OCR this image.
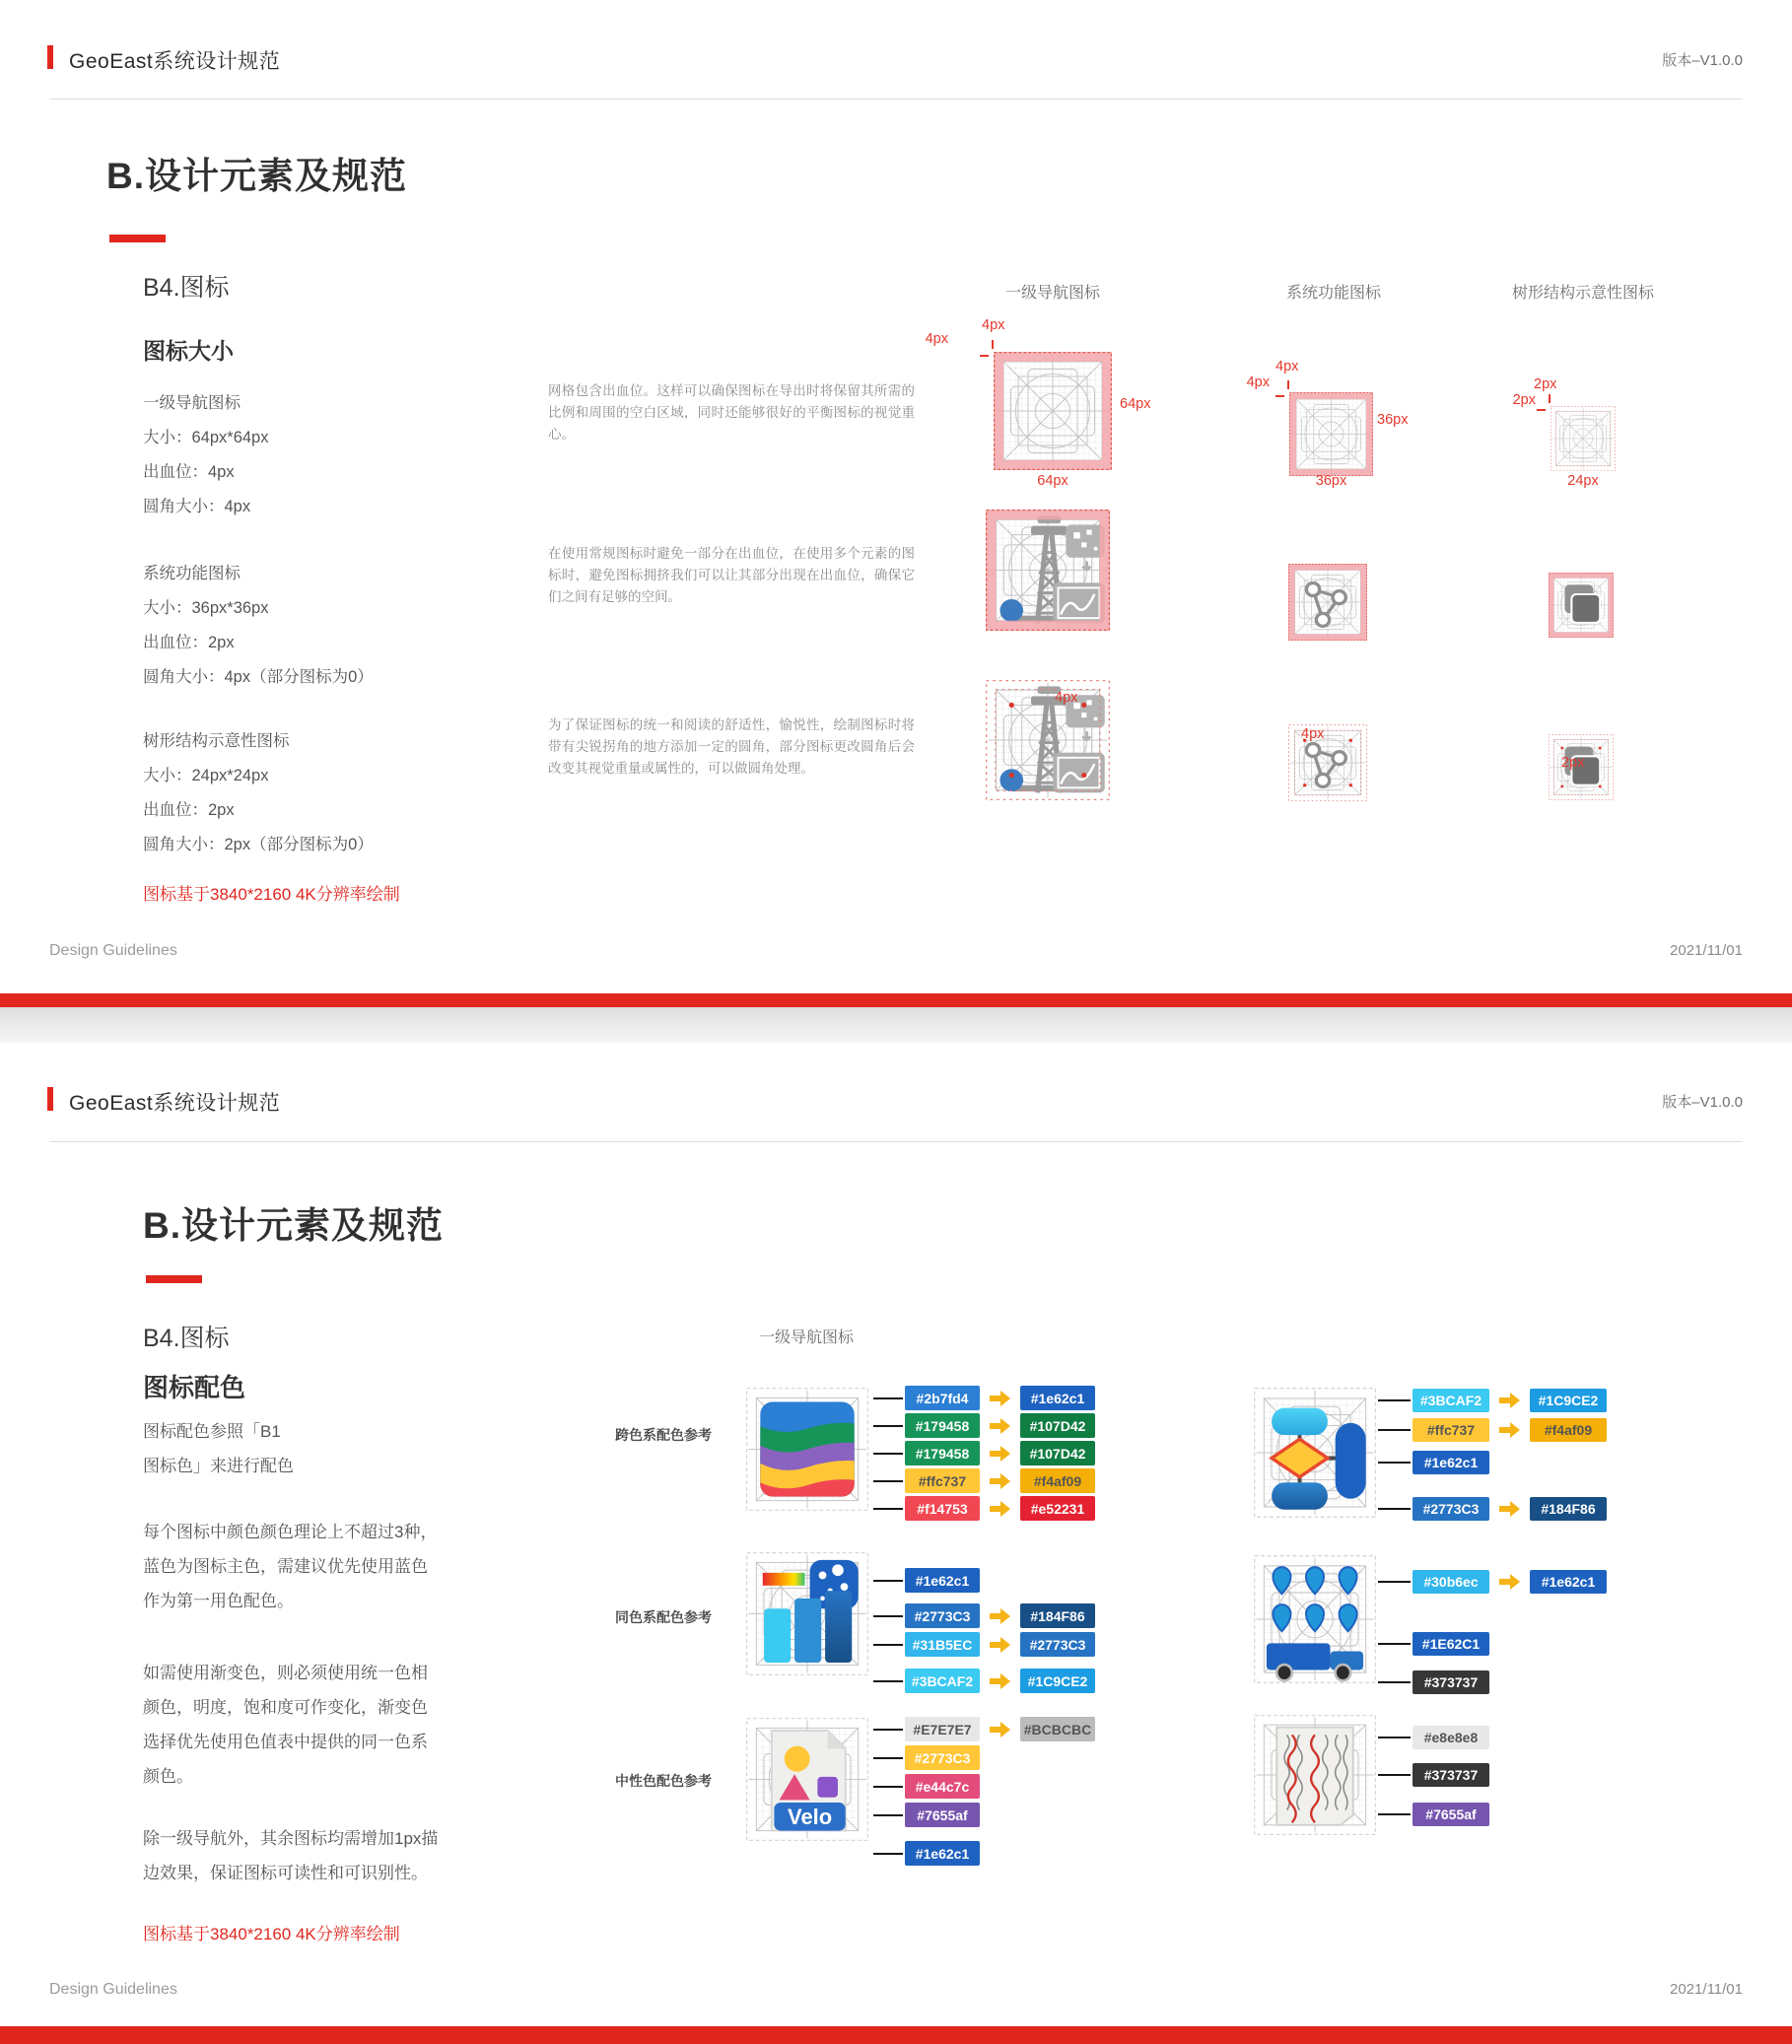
GeoEast系统设计规范	版本–V1.0.0
B.设计元素及规范
B4.图标
图标大小
一级导航图标
大小：64px*64px
出血位：4px
圆角大小：4px
系统功能图标
大小：36px*36px
出血位：2px
圆角大小：4px（部分图标为0）
树形结构示意性图标
大小：24px*24px
出血位：2px
圆角大小：2px（部分图标为0）
图标基于3840*2160 4K分辨率绘制
网格包含出血位。这样可以确保图标在导出时将保留其所需的比例和周围的空白区域，同时还能够很好的平衡图标的视觉重心。
在使用常规图标时避免一部分在出血位，在使用多个元素的图标时，避免图标拥挤我们可以让其部分出现在出血位，确保它们之间有足够的空间。
为了保证图标的统一和阅读的舒适性，愉悦性，绘制图标时将带有尖锐拐角的地方添加一定的圆角，部分图标更改圆角后会改变其视觉重量或属性的，可以做圆角处理。
一级导航图标	系统功能图标	树形结构示意性图标
4px
4px
64px
64px
4px
4px
36px
36px
2px
2px
24px
4px
4px
2px
Design Guidelines	2021/11/01
GeoEast系统设计规范	版本–V1.0.0
B.设计元素及规范
B4.图标
图标配色
图标配色参照「B1
图标色」来进行配色
每个图标中颜色颜色理论上不超过3种，
蓝色为图标主色，需建议优先使用蓝色
作为第一用色配色。
如需使用渐变色，则必须使用统一色相
颜色，明度，饱和度可作变化，渐变色
选择优先使用色值表中提供的同一色系
颜色。
除一级导航外，其余图标均需增加1px描
边效果，保证图标可读性和可识别性。
图标基于3840*2160 4K分辨率绘制
一级导航图标
跨色系配色参考
#2b7fd4	#1e62c1
#179458	#107D42
#179458	#107D42
#ffc737	#f4af09
#f14753	#e52231
同色系配色参考
#1e62c1
#2773C3	#184F86
#31B5EC	#2773C3
#3BCAF2	#1C9CE2
中性色配色参考
Velo
#E7E7E7	#BCBCBC
#2773C3
#e44c7c
#7655af
#1e62c1
#3BCAF2	#1C9CE2
#ffc737	#f4af09
#1e62c1
#2773C3	#184F86
#30b6ec	#1e62c1
#1E62C1
#373737
#e8e8e8
#373737
#7655af
Design Guidelines	2021/11/01
